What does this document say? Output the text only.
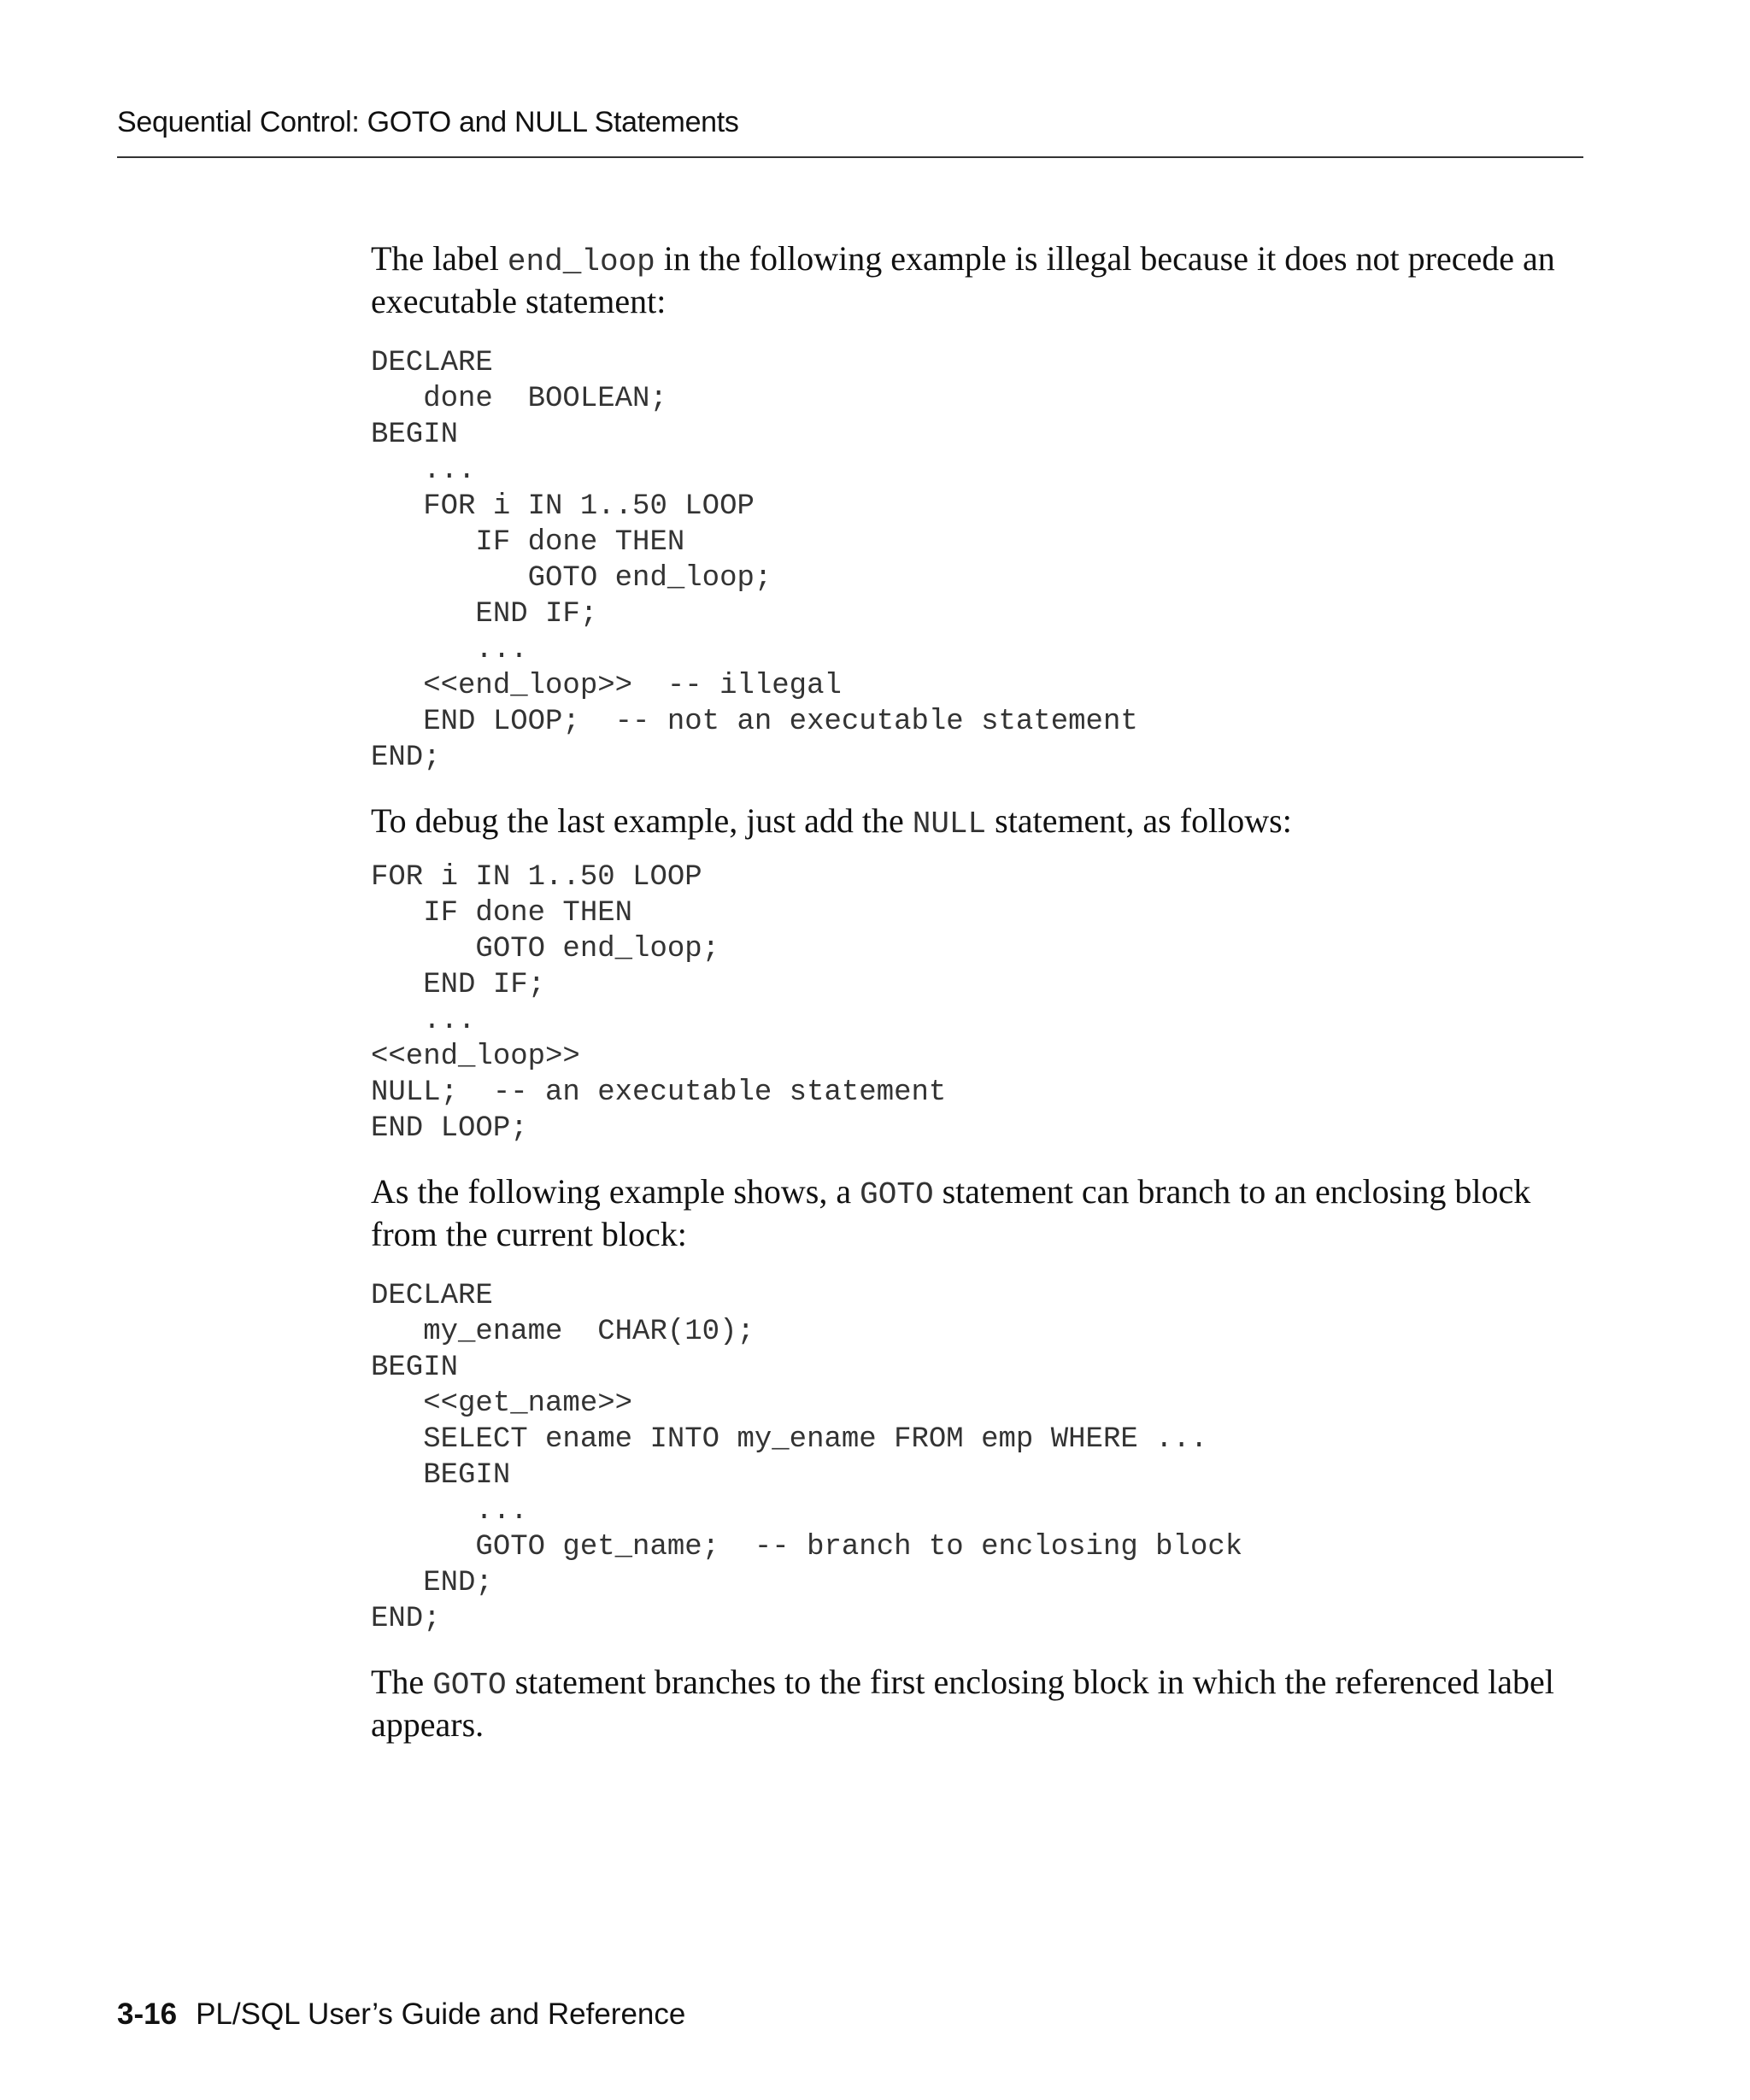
Sequential Control: GOTO and NULL Statements

The label end_loop in the following example is illegal because it does not precede an executable statement:

DECLARE
done  BOOLEAN;
BEGIN
...
FOR i IN 1..50 LOOP
IF done THEN
GOTO end_loop;
END IF;
...
<<end_loop>>  -- illegal
END LOOP;  -- not an executable statement
END;

To debug the last example, just add the NULL statement, as follows:

FOR i IN 1..50 LOOP
IF done THEN
GOTO end_loop;
END IF;
...
<<end_loop>>
NULL;  -- an executable statement
END LOOP;

As the following example shows, a GOTO statement can branch to an enclosing block from the current block:

DECLARE
my_ename  CHAR(10);
BEGIN
<<get_name>>
SELECT ename INTO my_ename FROM emp WHERE ...
BEGIN
...
GOTO get_name;  -- branch to enclosing block
END;
END;

The GOTO statement branches to the first enclosing block in which the referenced label appears.

3-16 PL/SQL User’s Guide and Reference
